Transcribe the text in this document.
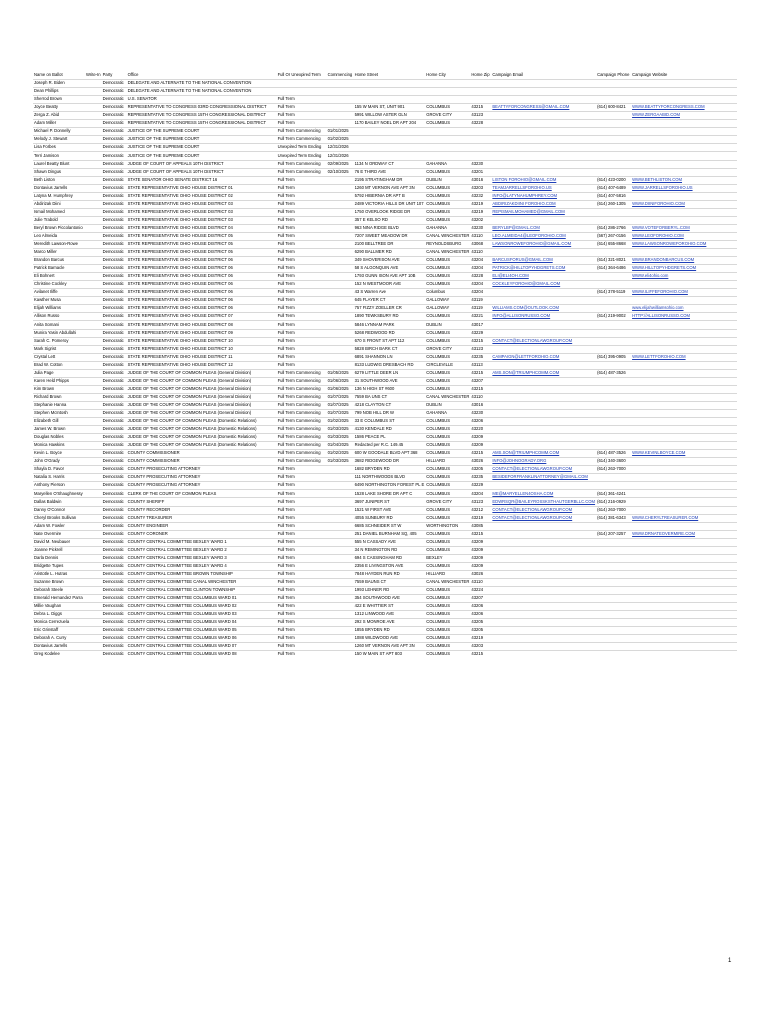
Name on Ballot	Write-In	Party	Office	Full Or Unexpired Term	Commencing	Home Street	Home City	Home Zip	Campaign Email	Campaign Phone	Campaign Website
Joseph R. Biden		Democratic	DELEGATE AND ALTERNATE TO THE NATIONAL CONVENTION								
Dean Phillips		Democratic	DELEGATE AND ALTERNATE TO THE NATIONAL CONVENTION								
Sherrod Brown		Democratic	U.S. SENATOR	Full Term							
Joyce Beatty		Democratic	REPRESENTATIVE TO CONGRESS 03RD CONGRESSIONAL DISTRICT	Full Term		155 W MAIN ST, UNIT 901	COLUMBUS	43215	BEATTYFORCONGRESS@GMAIL.COM	(614) 600-8421	WWW.BEATTYFORCONGRESS.COM
Zerga Z. Abid		Democratic	REPRESENTATIVE TO CONGRESS 15TH CONGRESSIONAL DISTRICT	Full Term		5991 WILLOW ASTER GLN	GROVE CITY	43123			WWW.ZERGAABID.COM
Adam Miller		Democratic	REPRESENTATIVE TO CONGRESS 15TH CONGRESSIONAL DISTRICT	Full Term		1170 BAILEY NOEL DR APT 204	COLUMBUS	43228			
Michael P. Donnelly		Democratic	JUSTICE OF THE SUPREME COURT	Full Term Commencing	01/01/2025						
Melody J. Stewart		Democratic	JUSTICE OF THE SUPREME COURT	Full Term Commencing	01/02/2025						
Lisa Forbes		Democratic	JUSTICE OF THE SUPREME COURT	Unexpired Term Ending	12/31/2026						
Terri Jamison		Democratic	JUSTICE OF THE SUPREME COURT	Unexpired Term Ending	12/31/2026						
Laurel Beatty Blunt		Democratic	JUDGE OF COURT OF APPEALS 10TH DISTRICT	Full Term Commencing	02/09/2025	1134 N ORDWAY CT	GAHANNA	43230			
Shawn Dingus		Democratic	JUDGE OF COURT OF APPEALS 10TH DISTRICT	Full Term Commencing	02/10/2025	76 E THIRD AVE	COLUMBUS	43201			
Beth Liston		Democratic	STATE SENATOR OHIO SENATE DISTRICT 16	Full Term		2195 STRATINGHAM DR	DUBLIN	43016	LISTON FOROHIO@GMAIL.COM	(614) 423-0200	WWW.BETHLISTON.COM
Dontavius Jarrells		Democratic	STATE REPRESENTATIVE OHIO HOUSE DISTRICT 01	Full Term		1260 MT VERNON AVE APT 3N	COLUMBUS	43203	TEAMJARRELLSFOROHIO.US	(614) 407-6489	WWW.JARRELLSFOROHIO.US
Latyna M. Humphrey		Democratic	STATE REPRESENTATIVE OHIO HOUSE DISTRICT 02	Full Term		5792 HIBERNIA DR APT B	COLUMBUS	43232	INFO@LATYNAHUMPHREY.COM	(614) 407-5816	
Abdirizak Diini		Democratic	STATE REPRESENTATIVE OHIO HOUSE DISTRICT 03	Full Term		2489 VICTORIA HILLS DR UNIT 107	COLUMBUS	43219	ABDIRIZAKDIINI FOROHIO.COM	(614) 260-1305	WWW.DIINIFOROHIO.COM
Ismail Mohamed		Democratic	STATE REPRESENTATIVE OHIO HOUSE DISTRICT 03	Full Term		1750 OVERLOOK RIDGE DR	COLUMBUS	43219	REPISMAILMOHAMED@GMAIL.COM		
Julie Trabold		Democratic	STATE REPRESENTATIVE OHIO HOUSE DISTRICT 03	Full Term		357 E KELSO RD	COLUMBUS	43202			
Beryl Brown Piccolantonio		Democratic	STATE REPRESENTATIVE OHIO HOUSE DISTRICT 04	Full Term		963 NINA RIDGE BLVD	GAHANNA	43230	BERYLBP@GMAIL.COM	(614) 286-2766	WWW.VOTEFORBERYL.COM
Leo Almeida		Democratic	STATE REPRESENTATIVE OHIO HOUSE DISTRICT 05	Full Term		7207 SWEET MEADOW DR	CANAL WINCHESTER	43110	LEO.ALMEIDA4@LEOFOROHIO.COM	(567) 267-0156	WWW.LEOFOROHIO.COM
Meredith Lawson-Rowe		Democratic	STATE REPRESENTATIVE OHIO HOUSE DISTRICT 05	Full Term		2100 BELLTREE DR	REYNOLDSBURG	43068	LAWSONROWEFOROHIO@GMAIL.COM	(614) 655-8668	WWW.LAWSONROWEFOROHIO.COM
Marco Miller		Democratic	STATE REPRESENTATIVE OHIO HOUSE DISTRICT 05	Full Term		6290 BALLMER RD	CANAL WINCHESTER	43110			
Brandon Barcus		Democratic	STATE REPRESENTATIVE OHIO HOUSE DISTRICT 06	Full Term		349 SHOVERISON AVE	COLUMBUS	43204	BARCUSFORUS@GMAIL.COM	(614) 321-8021	WWW.BRANDONBARCUS.COM
Patrick Barnacle		Democratic	STATE REPRESENTATIVE OHIO HOUSE DISTRICT 06	Full Term		58 S ALGONQUIN AVE	COLUMBUS	43204	PATRICK@HILLTOPYHDGRETS.COM	(614) 364-6486	WWW.HILLTOPYHDGRETS.COM
Eli Bohnert		Democratic	STATE REPRESENTATIVE OHIO HOUSE DISTRICT 06	Full Term		1793 GUNN ISON AVE APT 10B	COLUMBUS	43228	ELI@ELI4OH.COM		WWW.eli4ohio.com
Christine Cockley		Democratic	STATE REPRESENTATIVE OHIO HOUSE DISTRICT 06	Full Term		152 N WESTMOOR AVE	COLUMBUS	43204	COCKLEYFOROHIO@GMAIL.COM		
Avilanet Iliffe		Democratic	STATE REPRESENTATIVE OHIO HOUSE DISTRICT 06	Full Term		43 S Warren Ave	Columbus	43204		(614) 378-5119	WWW.ILIFFEFOROHIO.COM
Kawther Musa		Democratic	STATE REPRESENTATIVE OHIO HOUSE DISTRICT 06	Full Term		645 FLAYER CT	GALLOWAY	43119			
Elijah Williams		Democratic	STATE REPRESENTATIVE OHIO HOUSE DISTRICT 06	Full Term		757 FIZZY ZOELLER CR	GALLOWAY	43119	WILLIAMS.COM@OUTLOOK.COM		www.elijahwilliamsohio.com
Allison Russo		Democratic	STATE REPRESENTATIVE OHIO HOUSE DISTRICT 07	Full Term		1890 TEWKSBURY RD	COLUMBUS	43221	INFO@ALLISONRUSSO.COM	(614) 219-9002	HTTP://ALLISONRUSSO.COM
Anita Somani		Democratic	STATE REPRESENTATIVE OHIO HOUSE DISTRICT 08	Full Term		5846 LYNNAM PARK	DUBLIN	43017			
Munira Yasin Abdullahi		Democratic	STATE REPRESENTATIVE OHIO HOUSE DISTRICT 09	Full Term		5268 REDWOOD RD	COLUMBUS	43229			
Sarah C. Pomeroy		Democratic	STATE REPRESENTATIVE OHIO HOUSE DISTRICT 10	Full Term		670 S FRONT ST APT 112	COLUMBUS	43215	CONTACT@ELECTIONLAWGROUP.COM		
Mark Sigrist		Democratic	STATE REPRESENTATIVE OHIO HOUSE DISTRICT 10	Full Term		5828 BIRCH BARK CT	GROVE CITY	43123			
Crystal Lett		Democratic	STATE REPRESENTATIVE OHIO HOUSE DISTRICT 11	Full Term		6891 SHANNON LN	COLUMBUS	43235	CAMPAIGN@LETTFOROHIO.COM	(614) 395-0905	WWW.LETTFOROHIO.COM
Brad W. Cotton		Democratic	STATE REPRESENTATIVE OHIO HOUSE DISTRICT 12	Full Term		8133 LUDWIG DRESBACH RD	CIRCLEVILLE	43113			
Julia Page		Democratic	JUDGE OF THE COURT OF COMMON PLEAS (General Division)	Full Term Commencing	01/05/2025	6279 LITTLE DEER LN	COLUMBUS	43215	AMS.SON@TRIUMPHCOMM.COM	(614) 487-3526	
Karen Held Phipps		Democratic	JUDGE OF THE COURT OF COMMON PLEAS (General Division)	Full Term Commencing	01/06/2025	31 SOUTHWOOD AVE	COLUMBUS	43207			
Kim Brown		Democratic	JUDGE OF THE COURT OF COMMON PLEAS (General Division)	Full Term Commencing	01/06/2025	136 N HIGH ST #600	COLUMBUS	43215			
Richard Brown		Democratic	JUDGE OF THE COURT OF COMMON PLEAS (General Division)	Full Term Commencing	01/07/2025	7559 BA UNS CT	CANAL WINCHESTER	43110			
Stephanie Hanna		Democratic	JUDGE OF THE COURT OF COMMON PLEAS (General Division)	Full Term Commencing	01/07/2025	4218 CLAYTON CT	DUBLIN	43016			
Stephen McIntosh		Democratic	JUDGE OF THE COURT OF COMMON PLEAS (General Division)	Full Term Commencing	01/07/2025	799 NOB HILL DR W	GAHANNA	43230			
Elizabeth Gill		Democratic	JUDGE OF THE COURT OF COMMON PLEAS (Domestic Relations)	Full Term Commencing	01/02/2025	33 E COLUMBUS ST	COLUMBUS	43206			
James W. Brown		Democratic	JUDGE OF THE COURT OF COMMON PLEAS (Domestic Relations)	Full Term Commencing	01/03/2025	4130 KENDALE RD	COLUMBUS	43220			
Douglas Nobles		Democratic	JUDGE OF THE COURT OF COMMON PLEAS (Domestic Relations)	Full Term Commencing	01/03/2025	1586 PEACE PL	COLUMBUS	43209			
Monica Hawkins		Democratic	JUDGE OF THE COURT OF COMMON PLEAS (Domestic Relations)	Full Term Commencing	01/04/2025	Redacted per R.C. 149.45	COLUMBUS	43209			
Kevin L. Boyce		Democratic	COUNTY COMMISSIONER	Full Term Commencing	01/02/2025	600 W GOODALE BLVD APT 368	COLUMBUS	43215	AMS.SON@TRIUMPHCOMM.COM	(614) 487-3526	WWW.KEVINLBOYCE.COM
John O'Grady		Democratic	COUNTY COMMISSIONER	Full Term Commencing	01/03/2025	3682 RIDGEWOOD DR	HILLIARD	43026	INFO@JOHNOGRADY.ORG	(614) 340-3600	
Shayla D. Favor		Democratic	COUNTY PROSECUTING ATTORNEY	Full Term		1682 BRYDEN RD	COLUMBUS	43205	CONTACT@ELECTIONLAWGROUP.COM	(614) 263-7000	
Natalia S. Harris		Democratic	COUNTY PROSECUTING ATTORNEY	Full Term		111 NORTHWOODS BLVD	COLUMBUS	43235	BESIDEFORFRANKLINATTORNEY@GMAIL.COM		
Anthony Pierson		Democratic	COUNTY PROSECUTING ATTORNEY	Full Term		6490 NORTHINGTON FOREST PL E	COLUMBUS	43229			
Maryellen O'Shaughnessy		Democratic	CLERK OF THE COURT OF COMMON PLEAS	Full Term		1528 LAKE SHORE DR APT C	COLUMBUS	43204	ME@MARYELLEN4OSHA.COM	(614) 361-4241	
Dallas Baldwin		Democratic	COUNTY SHERIFF	Full Term		3697 JUNIPER ST	GROVE CITY	43123	EDWRSQR@BAILEYROSSKSTHAUTGERBLLC.COM	(614) 216-0929	
Danny O'Connor		Democratic	COUNTY RECORDER	Full Term		1521 W FIRST AVE	COLUMBUS	43212	CONTACT@ELECTIONLAWGROUP.COM	(614) 263-7000	
Cheryl Brooks Sullivan		Democratic	COUNTY TREASURER	Full Term		4055 SUNBURY RD	COLUMBUS	43219	CONTACT@ELECTIONLAWGROUP.COM	(614) 381-6343	WWW.CHERYLTREASURER.COM
Adam W. Fowler		Democratic	COUNTY ENGINEER	Full Term		6685 SCHNEIDER ST W	WORTHINGTON	43085			
Nate Overmire		Democratic	COUNTY CORONER	Full Term		251 DANIEL BURNHAM SQ, 405	COLUMBUS	43215		(614) 207-3257	WWW.DRNATEOVERMIRE.COM
David M. Neubauer		Democratic	COUNTY CENTRAL COMMITTEE BEXLEY WARD 1	Full Term		555 N CASSADY AVE	COLUMBUS	43209			
Joanne Pickrell		Democratic	COUNTY CENTRAL COMMITTEE BEXLEY WARD 2	Full Term		34 N REMINGTON RD	COLUMBUS	43209			
Darla Dennis		Democratic	COUNTY CENTRAL COMMITTEE BEXLEY WARD 3	Full Term		694 S CASSINGHAM RD	BEXLEY	43209			
Bridgette Tupes		Democratic	COUNTY CENTRAL COMMITTEE BEXLEY WARD 4	Full Term		2356 E LIVINGSTON AVE	COLUMBUS	43209			
Aristotle L. Hutras		Democratic	COUNTY CENTRAL COMMITTEE BROWN TOWNSHIP	Full Term		7848 HAYDEN RUN RD	HILLIARD	43026			
Suzanne Brown		Democratic	COUNTY CENTRAL COMMITTEE CANAL WINCHESTER	Full Term		7559 BAUNS CT	CANAL WINCHESTER	43110			
Deborah Steele		Democratic	COUNTY CENTRAL COMMITTEE CLINTON TOWNSHIP	Full Term		1993 LEHNER RD	COLUMBUS	43224			
Emerald Hernandez Parra		Democratic	COUNTY CENTRAL COMMITTEE COLUMBUS WARD 01	Full Term		354 SOUTHWOOD AVE	COLUMBUS	43207			
Millie Vaughan		Democratic	COUNTY CENTRAL COMMITTEE COLUMBUS WARD 02	Full Term		422 E WHITTIER ST	COLUMBUS	43206			
Debra L. Diggs		Democratic	COUNTY CENTRAL COMMITTEE COLUMBUS WARD 03	Full Term		1312 LINWOOD AVE	COLUMBUS	43206			
Monica Cerrezuela		Democratic	COUNTY CENTRAL COMMITTEE COLUMBUS WARD 04	Full Term		292 S MONROE AVE	COLUMBUS	43205			
Eric Grinstaff		Democratic	COUNTY CENTRAL COMMITTEE COLUMBUS WARD 05	Full Term		1855 BRYDEN RD	COLUMBUS	43205			
Deborah A. Curry		Democratic	COUNTY CENTRAL COMMITTEE COLUMBUS WARD 06	Full Term		1088 WILDWOOD AVE	COLUMBUS	43219			
Dontavius Jarrells		Democratic	COUNTY CENTRAL COMMITTEE COLUMBUS WARD 07	Full Term		1260 MT VERNON AVE APT 3N	COLUMBUS	43203			
Greg Kodelee		Democratic	COUNTY CENTRAL COMMITTEE COLUMBUS WARD 08	Full Term		150 W MAIN ST APT 803	COLUMBUS	43215			
1
